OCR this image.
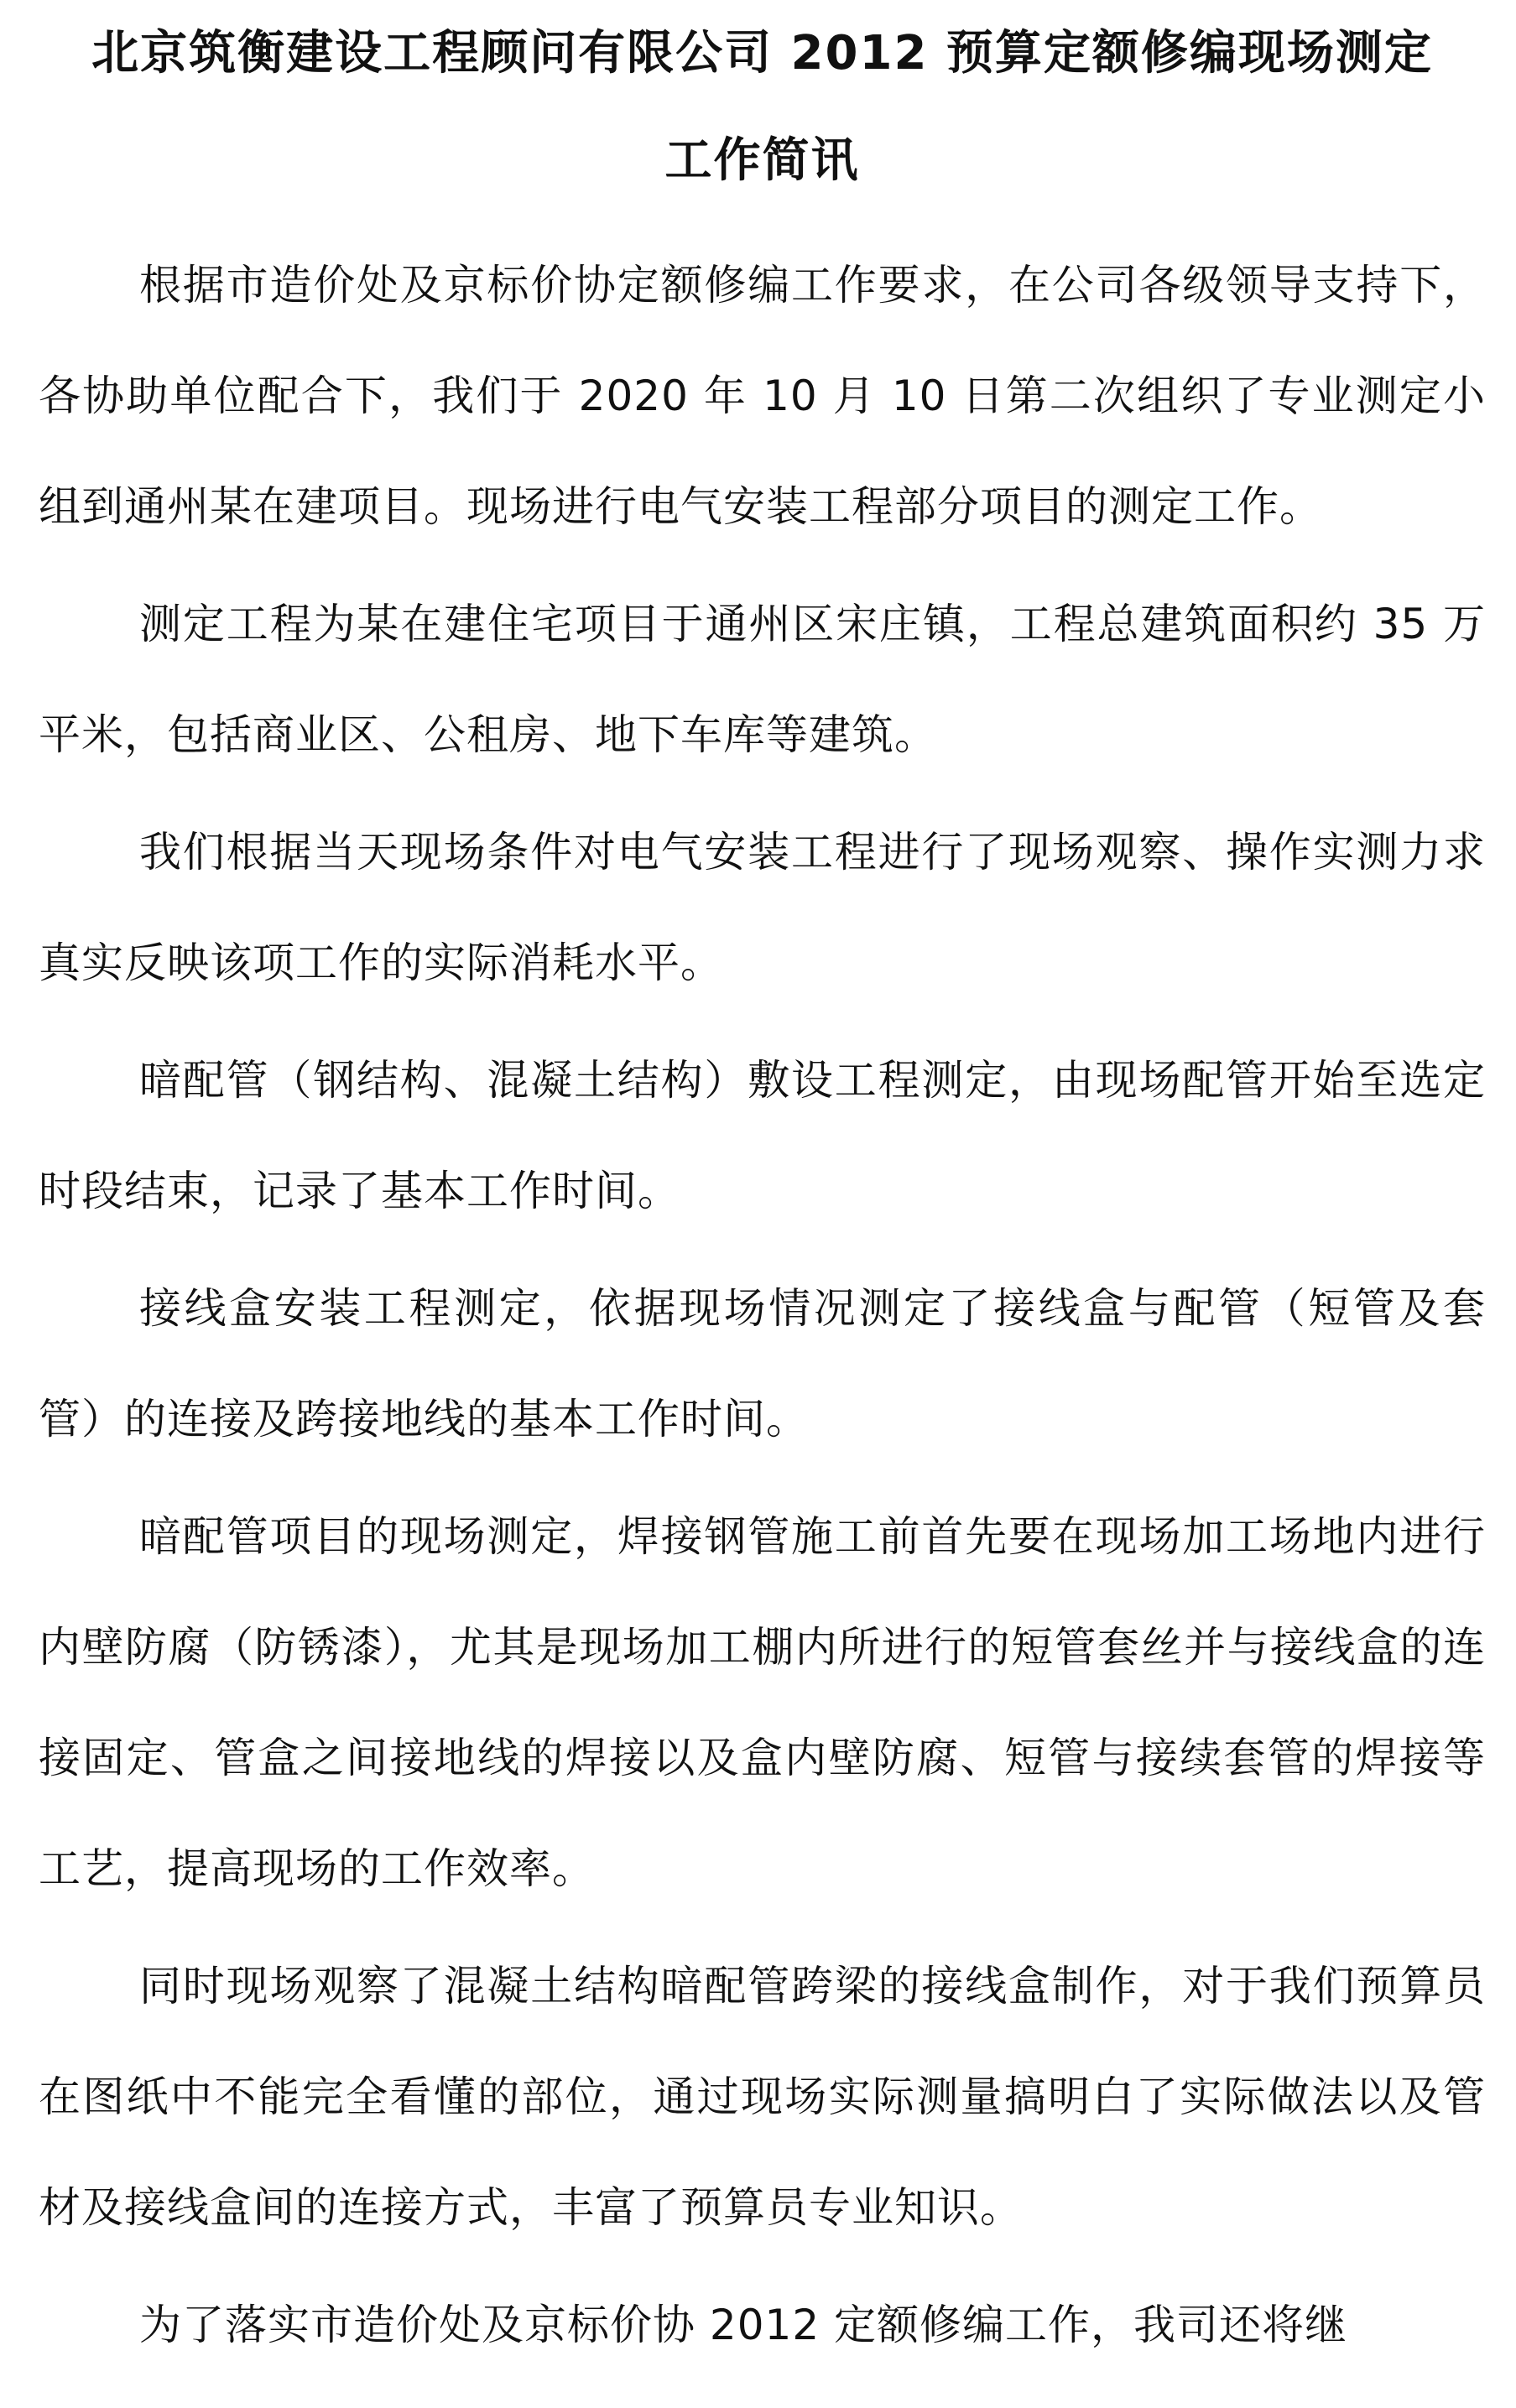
北京筑衡建设工程顾问有限公司 2012 预算定额修编现场测定
工作简讯

根据市造价处及京标价协定额修编工作要求，在公司各级领导支持下，各协助单位配合下，我们于 2020 年 10 月 10 日第二次组织了专业测定小组到通州某在建项目。现场进行电气安装工程部分项目的测定工作。

测定工程为某在建住宅项目于通州区宋庄镇，工程总建筑面积约 35 万平米，包括商业区、公租房、地下车库等建筑。

我们根据当天现场条件对电气安装工程进行了现场观察、操作实测力求真实反映该项工作的实际消耗水平。

暗配管（钢结构、混凝土结构）敷设工程测定，由现场配管开始至选定时段结束，记录了基本工作时间。

接线盒安装工程测定，依据现场情况测定了接线盒与配管（短管及套管）的连接及跨接地线的基本工作时间。

暗配管项目的现场测定，焊接钢管施工前首先要在现场加工场地内进行内壁防腐（防锈漆），尤其是现场加工棚内所进行的短管套丝并与接线盒的连接固定、管盒之间接地线的焊接以及盒内壁防腐、短管与接续套管的焊接等工艺，提高现场的工作效率。

同时现场观察了混凝土结构暗配管跨梁的接线盒制作，对于我们预算员在图纸中不能完全看懂的部位，通过现场实际测量搞明白了实际做法以及管材及接线盒间的连接方式，丰富了预算员专业知识。

为了落实市造价处及京标价协 2012 定额修编工作，我司还将继
